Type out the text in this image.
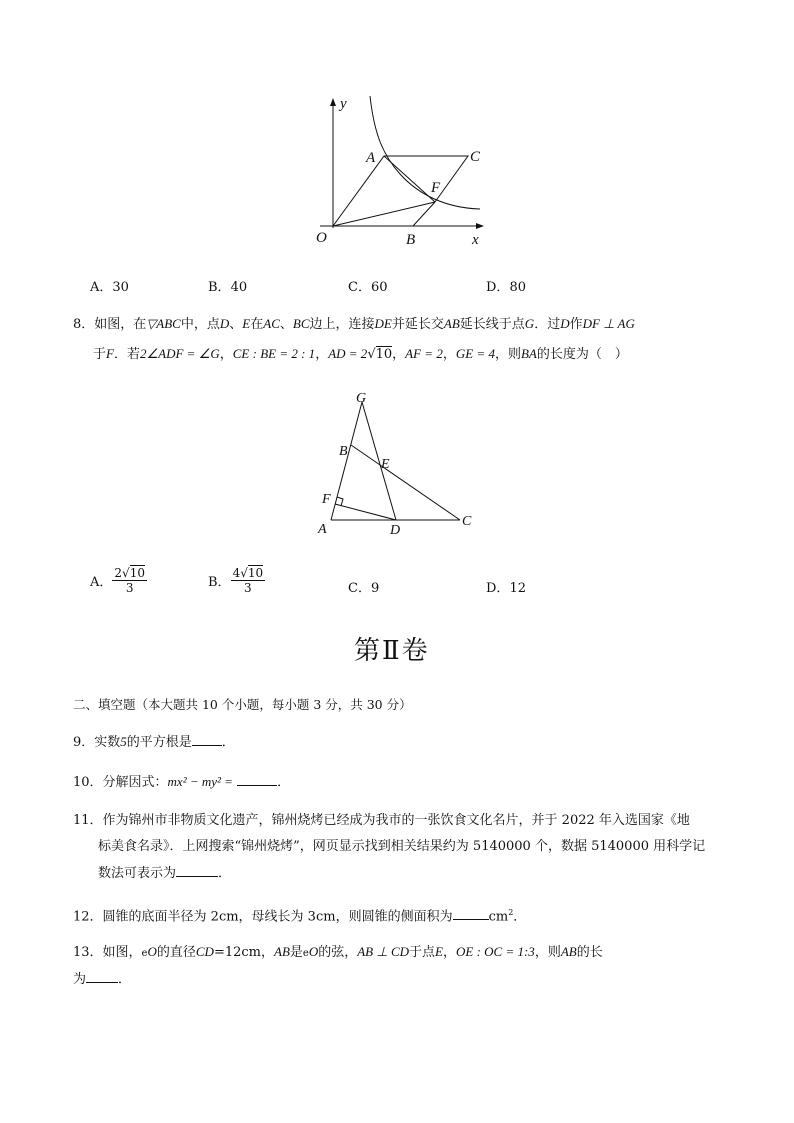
y
x
O
A	C
F
B
A．30	B．40	C．60	D．80
8．如图，在▽ABC中，点D、E在AC、BC边上，连接DE并延长交AB延长线于点G．过D作DF ⊥ AG
于F．若2∠ADF = ∠G，CE : BE = 2 : 1，AD = 2√10，AF = 2，GE = 4，则BA的长度为（　）
G
B
E
F
A	D
C
A． $\frac{2√10}{3}$	B． $\frac{4√10}{3}$	C．9	D．12
第Ⅱ卷
二、填空题（本大题共 10 个小题，每小题 3 分，共 30 分）
9．实数5的平方根是 ．
10．分解因式：mx² − my² =	．
11．作为锦州市非物质文化遗产，锦州烧烤已经成为我市的一张饮食文化名片，并于 2022 年入选国家《地
标美食名录》．上网搜索“锦州烧烤”，网页显示找到相关结果约为 5140000 个，数据 5140000 用科学记
数法可表示为	．
12．圆锥的底面半径为 2cm，母线长为 3cm，则圆锥的侧面积为	$cm^2$．
13．如图，eO的直径CD=12cm，AB是eO的弦，AB ⊥ CD于点E，OE : OC = 1:3，则AB的长
为 ．
